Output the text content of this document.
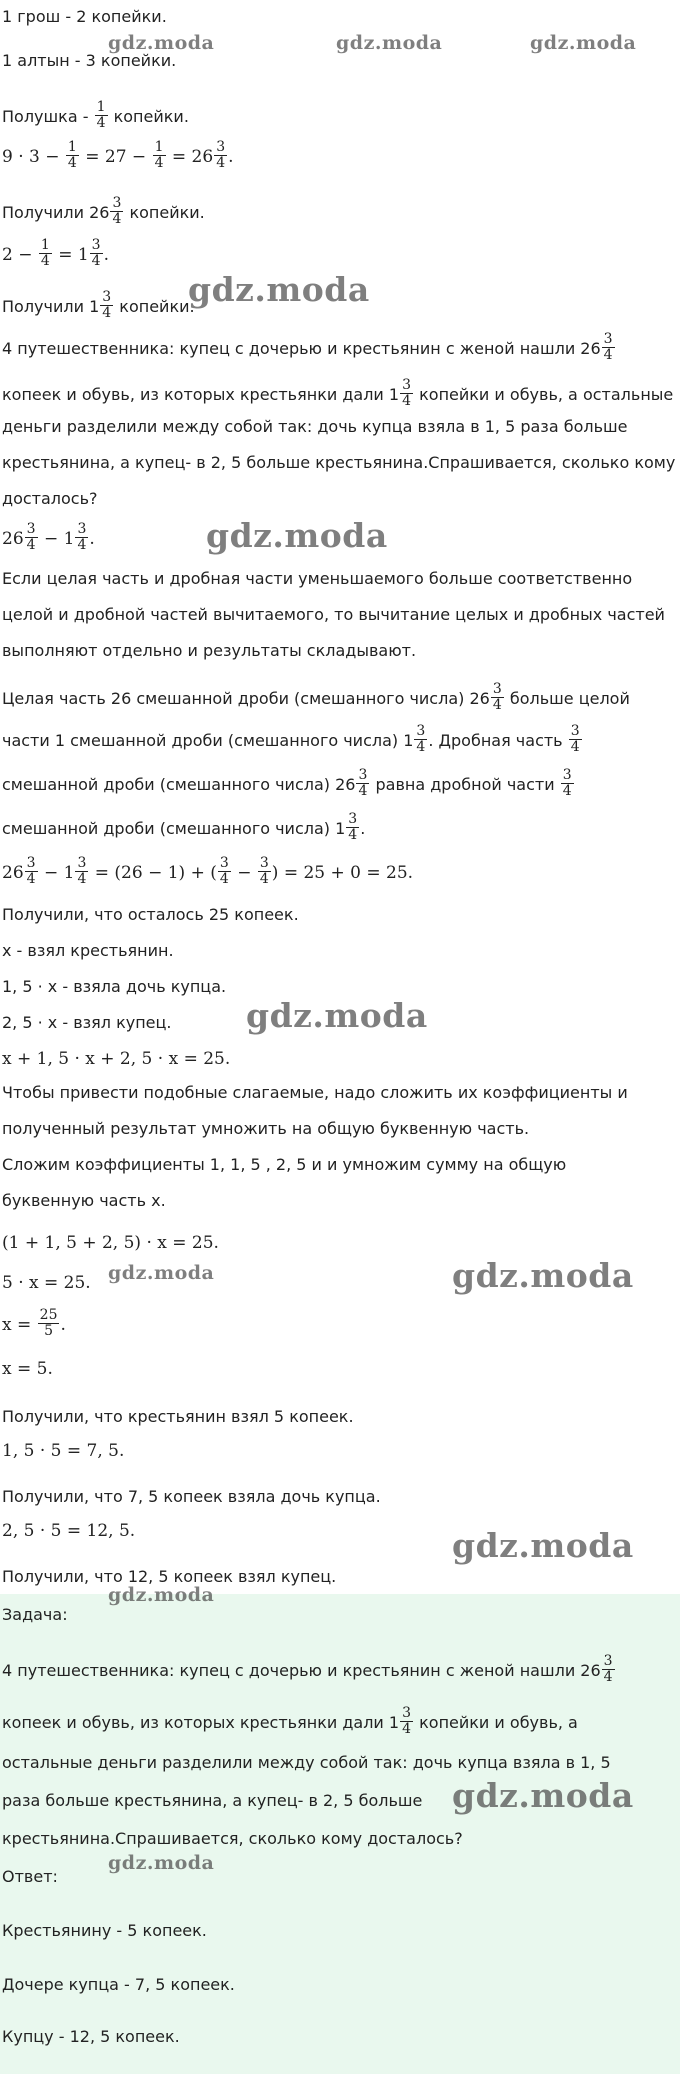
1 грош - 2 копейки.
1 алтын - 3 копейки.
Полушка - $\frac{1}{4}$ копейки.
$9 \cdot 3 - \frac{1}{4} = 27 - \frac{1}{4} = 26 \frac{3}{4}$ .
Получили $26 \frac{3}{4}$ копейки.
$2 - \frac{1}{4} = 1 \frac{3}{4}$ .
Получили $1 \frac{3}{4}$ копейки.
4 путешественника: купец с дочерью и крестьянин с женой нашли $26 \frac{3}{4}$
копеек и обувь, из которых крестьянки дали $1 \frac{3}{4}$ копейки и обувь, а остальные
деньги разделили между собой так: дочь купца взяла в 1, 5 раза больше
крестьянина, а купец- в 2, 5 больше крестьянина.Спрашивается, сколько кому
досталось?
$26 \frac{3}{4} - 1 \frac{3}{4}$ .
Если целая часть и дробная части уменьшаемого больше соответственно
целой и дробной частей вычитаемого, то вычитание целых и дробных частей
выполняют отдельно и результаты складывают.
Целая часть 26 смешанной дроби (смешанного числа) $26 \frac{3}{4}$ больше целой
части 1 смешанной дроби (смешанного числа) $1 \frac{3}{4}$ . Дробная часть $\frac{3}{4}$
смешанной дроби (смешанного числа) $26 \frac{3}{4}$ равна дробной части $\frac{3}{4}$
смешанной дроби (смешанного числа) $1 \frac{3}{4}$ .
$26 \frac{3}{4} - 1 \frac{3}{4} = (26 - 1)$ + ( $\frac{3}{4} - \frac{3}{4}$ ) = 25 + 0 = 25.
Получили, что осталось 25 копеек.
x - взял крестьянин.
1, 5 · x - взяла дочь купца.
2, 5 · x - взял купец.
x + 1, 5 · x + 2, 5 · x = 25.
Чтобы привести подобные слагаемые, надо сложить их коэффициенты и
полученный результат умножить на общую буквенную часть.
Сложим коэффициенты 1, 1, 5 , 2, 5 и и умножим сумму на общую
буквенную часть x.
(1 + 1, 5 + 2, 5) · x = 25.
5 · x = 25.
$x = \frac{25}{5}$ .
x = 5.
Получили, что крестьянин взял 5 копеек.
1, 5 · 5 = 7, 5.
Получили, что 7, 5 копеек взяла дочь купца.
2, 5 · 5 = 12, 5.
Получили, что 12, 5 копеек взял купец.
Задача:
4 путешественника: купец с дочерью и крестьянин с женой нашли $26 \frac{3}{4}$
копеек и обувь, из которых крестьянки дали $1 \frac{3}{4}$ копейки и обувь, а
остальные деньги разделили между собой так: дочь купца взяла в 1, 5
раза больше крестьянина, а купец- в 2, 5 больше
крестьянина.Спрашивается, сколько кому досталось?
Ответ:
Крестьянину - 5 копеек.
Дочере купца - 7, 5 копеек.
Купцу - 12, 5 копеек.
gdz.moda	gdz.moda	gdz.moda
gdz.moda
gdz.moda
gdz.moda
gdz.moda	gdz.moda
gdz.moda
gdz.moda
gdz.moda
gdz.moda
